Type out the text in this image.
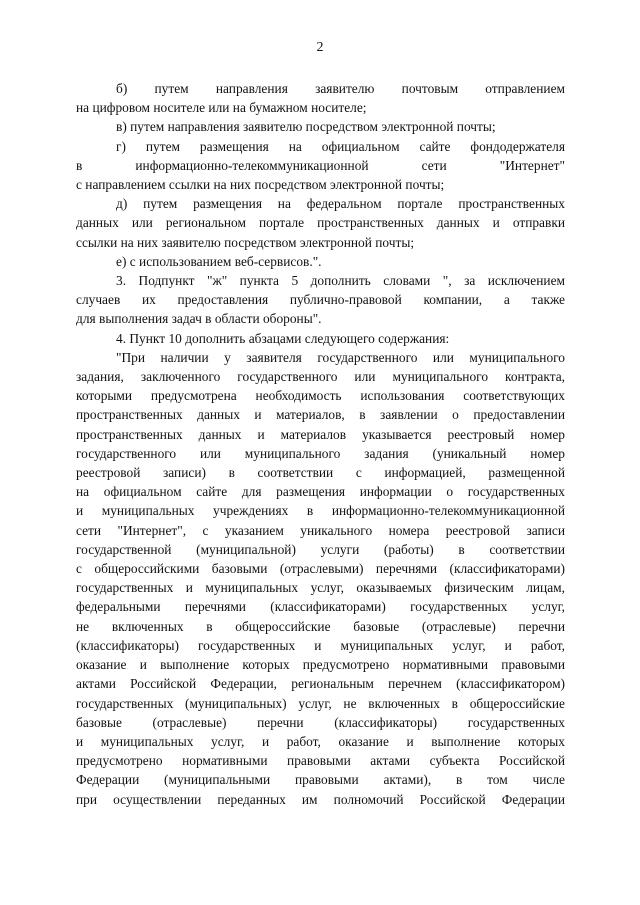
2

б) путем направления заявителю почтовым отправлением

на цифровом носителе или на бумажном носителе;

в) путем направления заявителю посредством электронной почты;

г) путем размещения на официальном сайте фондодержателя

в информационно-телекоммуникационной сети "Интернет"

с направлением ссылки на них посредством электронной почты;

д) путем размещения на федеральном портале пространственных

данных или региональном портале пространственных данных и отправки

ссылки на них заявителю посредством электронной почты;

е) с использованием веб-сервисов.".

3. Подпункт "ж" пункта 5 дополнить словами ", за исключением

случаев их предоставления публично-правовой компании, а также

для выполнения задач в области обороны".

4. Пункт 10 дополнить абзацами следующего содержания:

"При наличии у заявителя государственного или муниципального

задания, заключенного государственного или муниципального контракта,

которыми предусмотрена необходимость использования соответствующих

пространственных данных и материалов, в заявлении о предоставлении

пространственных данных и материалов указывается реестровый номер

государственного или муниципального задания (уникальный номер

реестровой записи) в соответствии с информацией, размещенной

на официальном сайте для размещения информации о государственных

и муниципальных учреждениях в информационно-телекоммуникационной

сети "Интернет", с указанием уникального номера реестровой записи

государственной (муниципальной) услуги (работы) в соответствии

с общероссийскими базовыми (отраслевыми) перечнями (классификаторами)

государственных и муниципальных услуг, оказываемых физическим лицам,

федеральными перечнями (классификаторами) государственных услуг,

не включенных в общероссийские базовые (отраслевые) перечни

(классификаторы) государственных и муниципальных услуг, и работ,

оказание и выполнение которых предусмотрено нормативными правовыми

актами Российской Федерации, региональным перечнем (классификатором)

государственных (муниципальных) услуг, не включенных в общероссийские

базовые (отраслевые) перечни (классификаторы) государственных

и муниципальных услуг, и работ, оказание и выполнение которых

предусмотрено нормативными правовыми актами субъекта Российской

Федерации (муниципальными правовыми актами), в том числе

при осуществлении переданных им полномочий Российской Федерации
